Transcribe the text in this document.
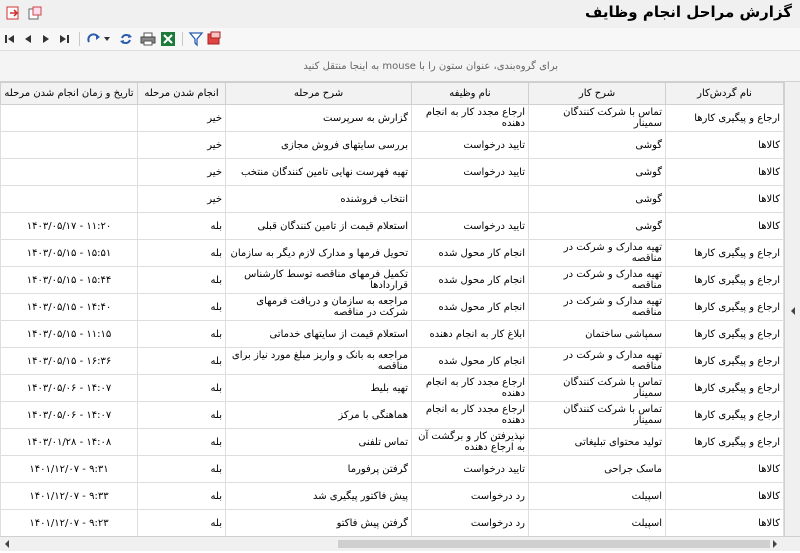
گزارش مراحل انجام وظایف
برای گروه‌بندی، عنوان ستون را با mouse به اینجا منتقل کنید
تاریخ و زمان انجام شدن مرحله	انجام شدن مرحله	شرح مرحله	نام وظیفه	شرح کار	نام گردش‌کار	
	خیر	گزارش به سرپرست	ارجاع مجدد کار به انجام دهنده	تماس با شرکت کنندگان سمینار	ارجاع و پیگیری کارها	
	خیر	بررسی سایتهای فروش مجازی	تایید درخواست	گوشی	کالاها	
	خیر	تهیه فهرست نهایی تامین کنندگان منتخب	تایید درخواست	گوشی	کالاها	
	خیر	انتخاب فروشنده		گوشی	کالاها	
۱۱:۲۰ - ۱۴۰۳/۰۵/۱۷	بله	استعلام قیمت از تامین کنندگان قبلی	تایید درخواست	گوشی	کالاها	
۱۵:۵۱ - ۱۴۰۳/۰۵/۱۵	بله	تحویل فرمها و مدارک لازم دیگر به سازمان	انجام کار محول شده	تهیه مدارک و شرکت در مناقصه	ارجاع و پیگیری کارها	
۱۵:۴۴ - ۱۴۰۳/۰۵/۱۵	بله	تکمیل فرمهای مناقصه توسط کارشناس قراردادها	انجام کار محول شده	تهیه مدارک و شرکت در مناقصه	ارجاع و پیگیری کارها	
۱۴:۴۰ - ۱۴۰۳/۰۵/۱۵	بله	مراجعه به سازمان و دریافت فرمهای شرکت در مناقصه	انجام کار محول شده	تهیه مدارک و شرکت در مناقصه	ارجاع و پیگیری کارها	
۱۱:۱۵ - ۱۴۰۳/۰۵/۱۵	بله	استعلام قیمت از سایتهای خدماتی	ابلاغ کار به انجام دهنده	سمپاشی ساختمان	ارجاع و پیگیری کارها	
۱۶:۳۶ - ۱۴۰۳/۰۵/۱۵	بله	مراجعه به بانک و واریز مبلغ مورد نیاز برای مناقصه	انجام کار محول شده	تهیه مدارک و شرکت در مناقصه	ارجاع و پیگیری کارها	
۱۴:۰۷ - ۱۴۰۳/۰۵/۰۶	بله	تهیه بلیط	ارجاع مجدد کار به انجام دهنده	تماس با شرکت کنندگان سمینار	ارجاع و پیگیری کارها	
۱۴:۰۷ - ۱۴۰۳/۰۵/۰۶	بله	هماهنگی با مرکز	ارجاع مجدد کار به انجام دهنده	تماس با شرکت کنندگان سمینار	ارجاع و پیگیری کارها	
۱۴:۰۸ - ۱۴۰۳/۰۱/۲۸	بله	تماس تلفنی	نپذیرفتن کار و برگشت آن به ارجاع دهنده	تولید محتوای تبلیغاتی	ارجاع و پیگیری کارها	
۹:۳۱ - ۱۴۰۱/۱۲/۰۷	بله	گرفتن پرفورما	تایید درخواست	ماسک جراحی	کالاها	
۹:۳۳ - ۱۴۰۱/۱۲/۰۷	بله	پیش فاکتور پیگیری شد	رد درخواست	اسپیلت	کالاها	
۹:۲۳ - ۱۴۰۱/۱۲/۰۷	بله	گرفتن پیش فاکتو	رد درخواست	اسپیلت	کالاها	
